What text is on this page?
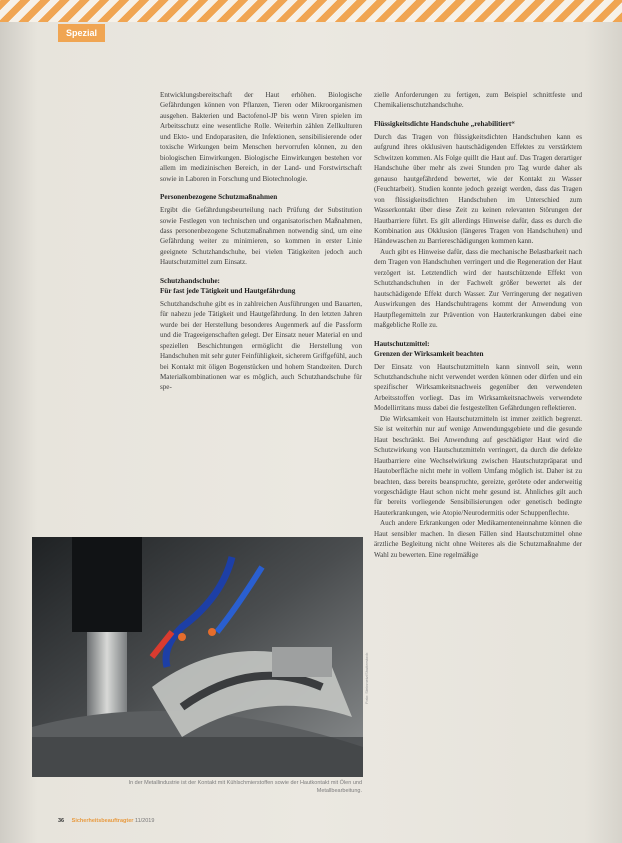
Spezial

Entwicklungsbereitschaft der Haut erhöhen. Biologische Gefährdungen können von Pflanzen, Tieren oder Mikroorganismen ausgehen. Bakterien und Bactofenol-JP bis wenn Viren spielen im Arbeitsschutz eine wesentliche Rolle. Weiterhin zählen Zellkulturen und Ekto- und Endoparasiten, die Infektionen, sensibilisierende oder toxische Wirkungen beim Menschen hervorrufen können, zu den biologischen Einwirkungen. Biologische Einwirkungen bestehen vor allem im medizinischen Bereich, in der Land- und Forstwirtschaft sowie in Laboren in Forschung und Biotechnologie.

Personenbezogene Schutzmaßnahmen

Ergibt die Gefährdungsbeurteilung nach Prüfung der Substitution sowie Festlegen von technischen und organisatorischen Maßnahmen, dass personenbezogene Schutzmaßnahmen notwendig sind, um eine Gefährdung weiter zu minimieren, so kommen in erster Linie geeignete Schutzhandschuhe, bei vielen Tätigkeiten jedoch auch Hautschutzmittel zum Einsatz.

Schutzhandschuhe:
Für fast jede Tätigkeit und Hautgefährdung

Schutzhandschuhe gibt es in zahlreichen Ausführungen und Bauarten, für nahezu jede Tätigkeit und Hautgefährdung. In den letzten Jahren wurde bei der Herstellung besonderes Augenmerk auf die Passform und die Trageeigenschaften gelegt. Der Einsatz neuer Material en und speziellen Beschichtungen ermöglicht die Herstellung von Handschuhen mit sehr guter Feinfühligkeit, sicherem Griffgefühl, auch bei Kontakt mit öligen Bogenstücken und hohem Standzeiten. Durch Materialkombinationen war es möglich, auch Schutzhandschuhe für spe-

zielle Anforderungen zu fertigen, zum Beispiel schnittfeste und Chemikalienschutzhandschuhe.

Flüssigkeitsdichte Handschuhe „rehabilitiert“

Durch das Tragen von flüssigkeitsdichten Handschuhen kann es aufgrund ihres okklusiven hautschädigenden Effektes zu verstärktem Schwitzen kommen. Als Folge quillt die Haut auf. Das Tragen derartiger Handschuhe über mehr als zwei Stunden pro Tag wurde daher als genauso hautgefährdend bewertet, wie der Kontakt zu Wasser (Feuchtarbeit). Studien konnte jedoch gezeigt werden, dass das Tragen von flüssigkeitsdichten Handschuhen im Unterschied zum Wasserkontakt über diese Zeit zu keinen relevanten Störungen der Hautbarriere führt. Es gilt allerdings Hinweise dafür, dass es durch die Kombination aus Okklusion (längeres Tragen von Handschuhen) und Händewaschen zu Barriereschädigungen kommen kann.

Auch gibt es Hinweise dafür, dass die mechanische Belastbarkeit nach dem Tragen von Handschuhen verringert und die Regeneration der Haut verzögert ist. Letztendlich wird der hautschützende Effekt von Schutzhandschuhen in der Fachwelt größer bewertet als der hautschädigende Effekt durch Wasser. Zur Verringerung der negativen Auswirkungen des Handschuhtragens kommt der Anwendung von Hautpflegemitteln zur Prävention von Hauterkrankungen dabei eine maßgebliche Rolle zu.

Hautschutzmittel:
Grenzen der Wirksamkeit beachten

Der Einsatz von Hautschutzmitteln kann sinnvoll sein, wenn Schutzhandschuhe nicht verwendet werden können oder dürfen und ein spezifischer Wirksamkeitsnachweis gegenüber den verwendeten Arbeitsstoffen vorliegt. Das im Wirksamkeitsnachweis verwendete Modellirritans muss dabei die festgestellten Gefährdungen reflektieren.

Die Wirksamkeit von Hautschutzmitteln ist immer zeitlich begrenzt. Sie ist weiterhin nur auf wenige Anwendungsgebiete und die gesunde Haut beschränkt. Bei Anwendung auf geschädigter Haut wird die Schutzwirkung von Hautschutzmitteln verringert, da durch die defekte Hautbarriere eine Wechselwirkung zwischen Hautschutzpräparat und Hautoberfläche nicht mehr in vollem Umfang möglich ist. Daher ist zu beachten, dass bereits beanspruchte, gereizte, gerötete oder anderweitig vorgeschädigte Haut schon nicht mehr gesund ist. Ähnliches gilt auch für bereits vorliegende Sensibilisierungen oder genetisch bedingte Hauterkrankungen, wie Atopie/Neurodermitis oder Schuppenflechte.

Auch andere Erkrankungen oder Medikamenteneinnahme können die Haut sensibler machen. In diesen Fällen sind Hautschutzmittel ohne ärztliche Begleitung nicht ohne Weiteres als die Schutzmaßnahme der Wahl zu bewerten. Eine regelmäßige

Foto: Steinmetz/Shutterstock
In der Metallindustrie ist der Kontakt mit Kühlschmierstoffen sowie der Hautkontakt mit Ölen und Metallbearbeitung.
36 Sicherheitsbeauftragter 11/2019
